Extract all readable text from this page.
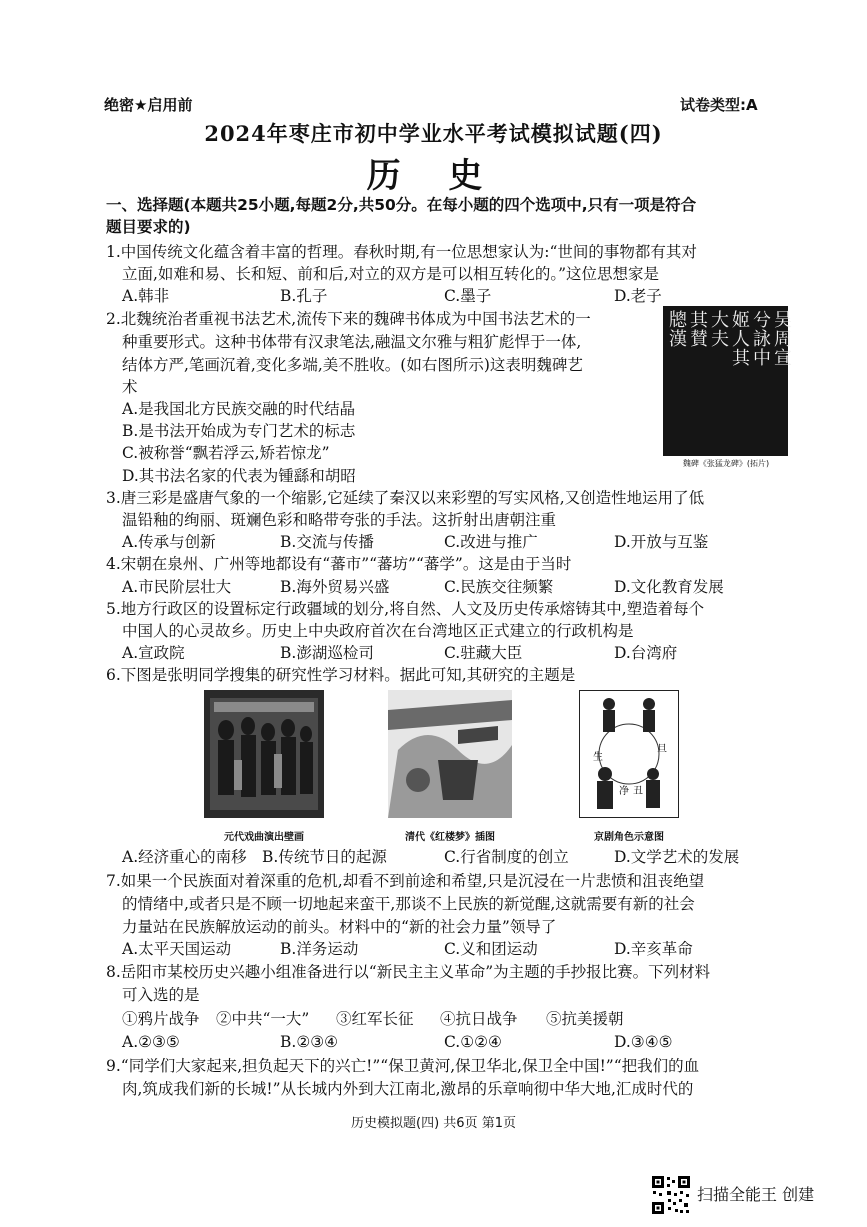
绝密★启用前	试卷类型:A
2024年枣庄市初中学业水平考试模拟试题(四)
历 史
一、选择题(本题共25小题,每题2分,共50分。在每小题的四个选项中,只有一项是符合
题目要求的)
1.中国传统文化蕴含着丰富的哲理。春秋时期,有一位思想家认为:“世间的事物都有其对
立面,如难和易、长和短、前和后,对立的双方是可以相互转化的。”这位思想家是
A.韩非	B.孔子	C.墨子	D.老子
2.北魏统治者重视书法艺术,流传下来的魏碑书体成为中国书法艺术的一
种重要形式。这种书体带有汉隶笔法,融温文尔雅与粗犷彪悍于一体,
结体方严,笔画沉着,变化多端,美不胜收。(如右图所示)这表明魏碑艺
术
A.是我国北方民族交融的时代结晶
B.是书法开始成为专门艺术的标志
C.被称誉“飘若浮云,矫若惊龙”
D.其书法名家的代表为锺繇和胡昭
吴周宣
兮詠中
姬人其
大夫
其賛
牕漢
魏碑《张猛龙碑》(拓片)
3.唐三彩是盛唐气象的一个缩影,它延续了秦汉以来彩塑的写实风格,又创造性地运用了低
温铅釉的绚丽、斑斓色彩和略带夸张的手法。这折射出唐朝注重
A.传承与创新	B.交流与传播	C.改进与推广	D.开放与互鉴
4.宋朝在泉州、广州等地都设有“蕃市”“蕃坊”“蕃学”。这是由于当时
A.市民阶层壮大	B.海外贸易兴盛	C.民族交往频繁	D.文化教育发展
5.地方行政区的设置标定行政疆域的划分,将自然、人文及历史传承熔铸其中,塑造着每个
中国人的心灵故乡。历史上中央政府首次在台湾地区正式建立的行政机构是
A.宣政院	B.澎湖巡检司	C.驻藏大臣	D.台湾府
6.下图是张明同学搜集的研究性学习材料。据此可知,其研究的主题是
元代戏曲演出壁画	清代《红楼梦》插图
生
旦
净 丑
京剧角色示意图
A.经济重心的南移 B.传统节日的起源	C.行省制度的创立	D.文学艺术的发展
7.如果一个民族面对着深重的危机,却看不到前途和希望,只是沉浸在一片悲愤和沮丧绝望
的情绪中,或者只是不顾一切地起来蛮干,那谈不上民族的新觉醒,这就需要有新的社会
力量站在民族解放运动的前头。材料中的“新的社会力量”领导了
A.太平天国运动	B.洋务运动	C.义和团运动	D.辛亥革命
8.岳阳市某校历史兴趣小组准备进行以“新民主主义革命”为主题的手抄报比赛。下列材料
可入选的是
①鸦片战争	②中共“一大”	③红军长征	④抗日战争	⑤抗美援朝
A.②③⑤	B.②③④	C.①②④	D.③④⑤
9.“同学们大家起来,担负起天下的兴亡!”“保卫黄河,保卫华北,保卫全中国!”“把我们的血
肉,筑成我们新的长城!”从长城内外到大江南北,激昂的乐章响彻中华大地,汇成时代的
历史模拟题(四) 共6页 第1页
扫描全能王 创建
